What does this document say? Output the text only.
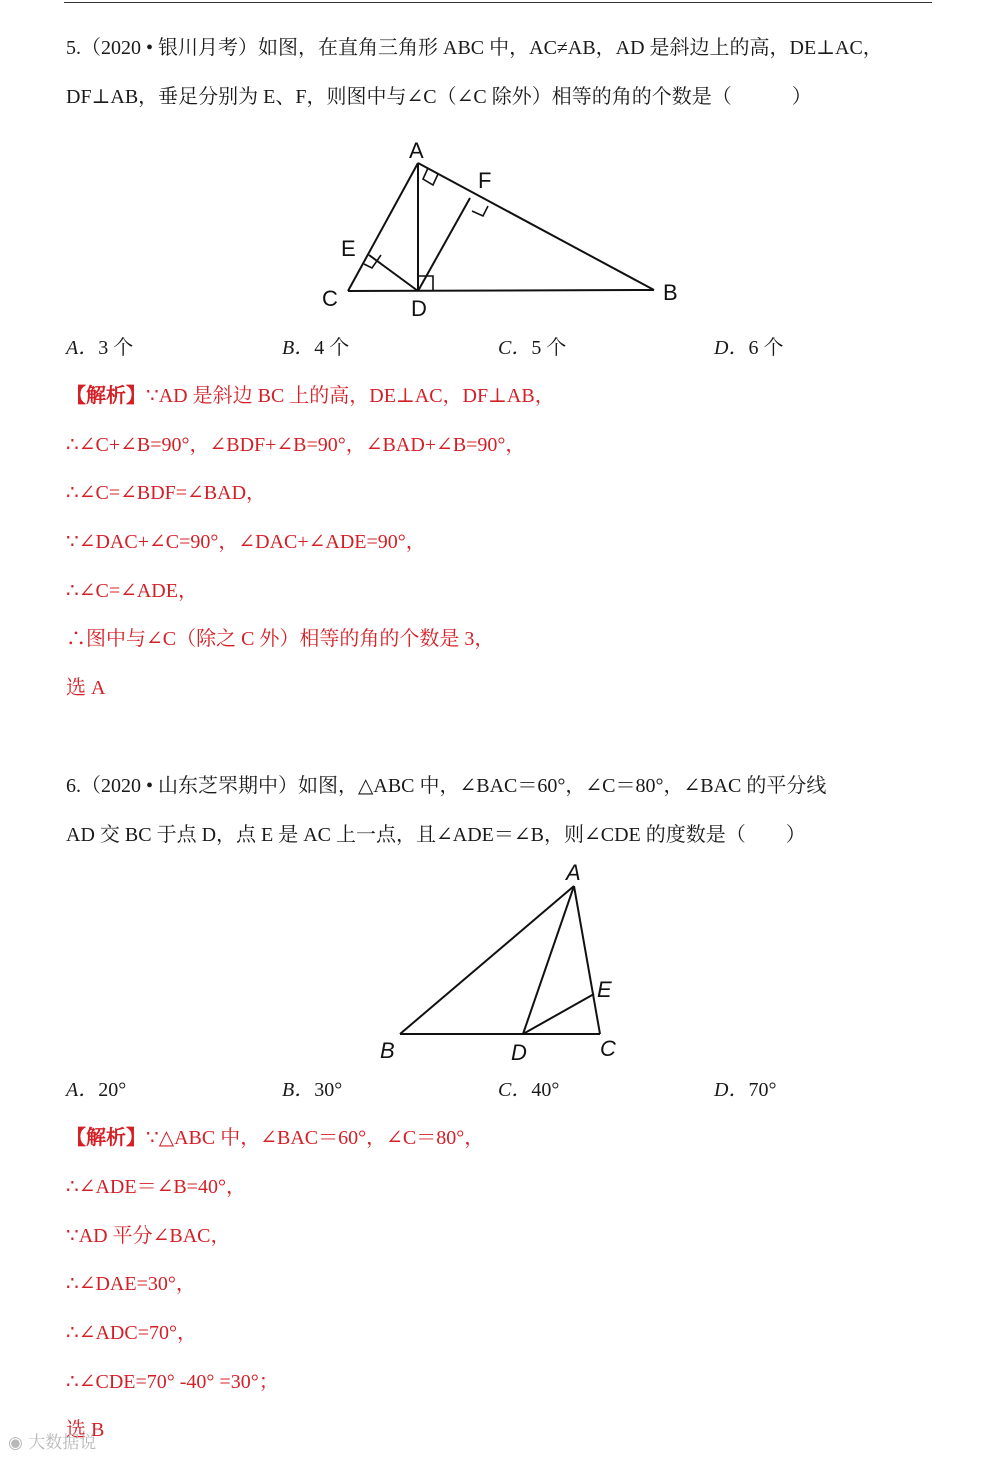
5.（2020 • 银川月考）如图，在直角三角形 ABC 中，AC≠AB，AD 是斜边上的高，DE⊥AC，
DF⊥AB，垂足分别为 E、F，则图中与∠C（∠C 除外）相等的角的个数是（　　　）
A
F
E
C	D
B
A．3 个	B．4 个	C．5 个	D．6 个
【解析】∵AD 是斜边 BC 上的高，DE⊥AC，DF⊥AB，
∴∠C+∠B=90°，∠BDF+∠B=90°，∠BAD+∠B=90°，
∴∠C=∠BDF=∠BAD，
∵∠DAC+∠C=90°，∠DAC+∠ADE=90°，
∴∠C=∠ADE，
∴图中与∠C（除之 C 外）相等的角的个数是 3，
选 A
6.（2020 • 山东芝罘期中）如图，△ABC 中，∠BAC＝60°，∠C＝80°，∠BAC 的平分线
AD 交 BC 于点 D，点 E 是 AC 上一点，且∠ADE＝∠B，则∠CDE 的度数是（　　）
A
E
B	D	C
A．20°	B．30°	C．40°	D．70°
【解析】∵△ABC 中，∠BAC＝60°，∠C＝80°，
∴∠ADE＝∠B=40°，
∵AD 平分∠BAC，
∴∠DAE=30°，
∴∠ADC=70°，
∴∠CDE=70° -40° =30°；
选 B
◉ 大数据说
